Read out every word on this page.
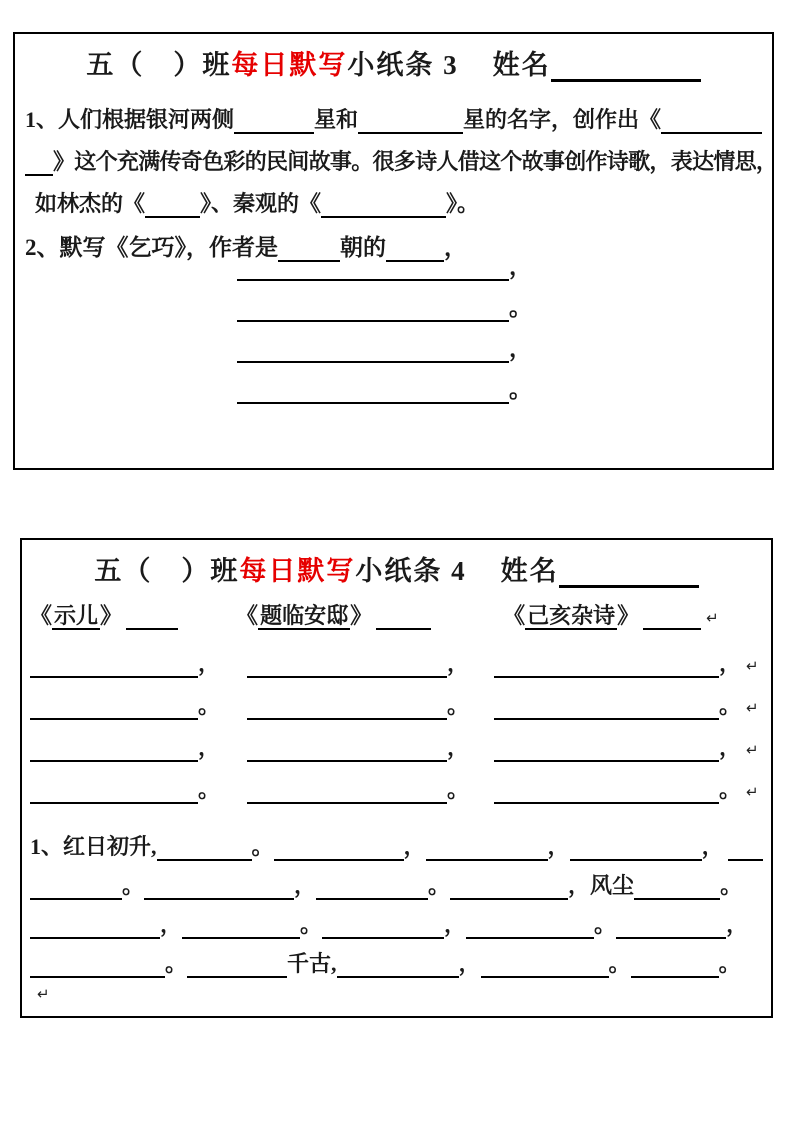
五（　）班 每日默写 小纸条 3 姓名
1、人们根据银河两侧	星和	星的名字，创作出《
》这个充满传奇色彩的民间故事。很多诗人借这个故事创作诗歌，表达情思，
如林杰的《	》、秦观的《	》。
2、默写《乞巧》，作者是	朝的	，
，
。
，
。
五（　）班 每日默写 小纸条 4 姓名
《示儿》	《题临安邸》	《己亥杂诗》	↵
，	，	， ↵
。	。	。 ↵
，	，	， ↵
。	。	。 ↵
1、红日初升,	。	，	，	，
。	，	。	，风尘	。
，	。	，	。	，
。	千古,	，	。	。
↵
